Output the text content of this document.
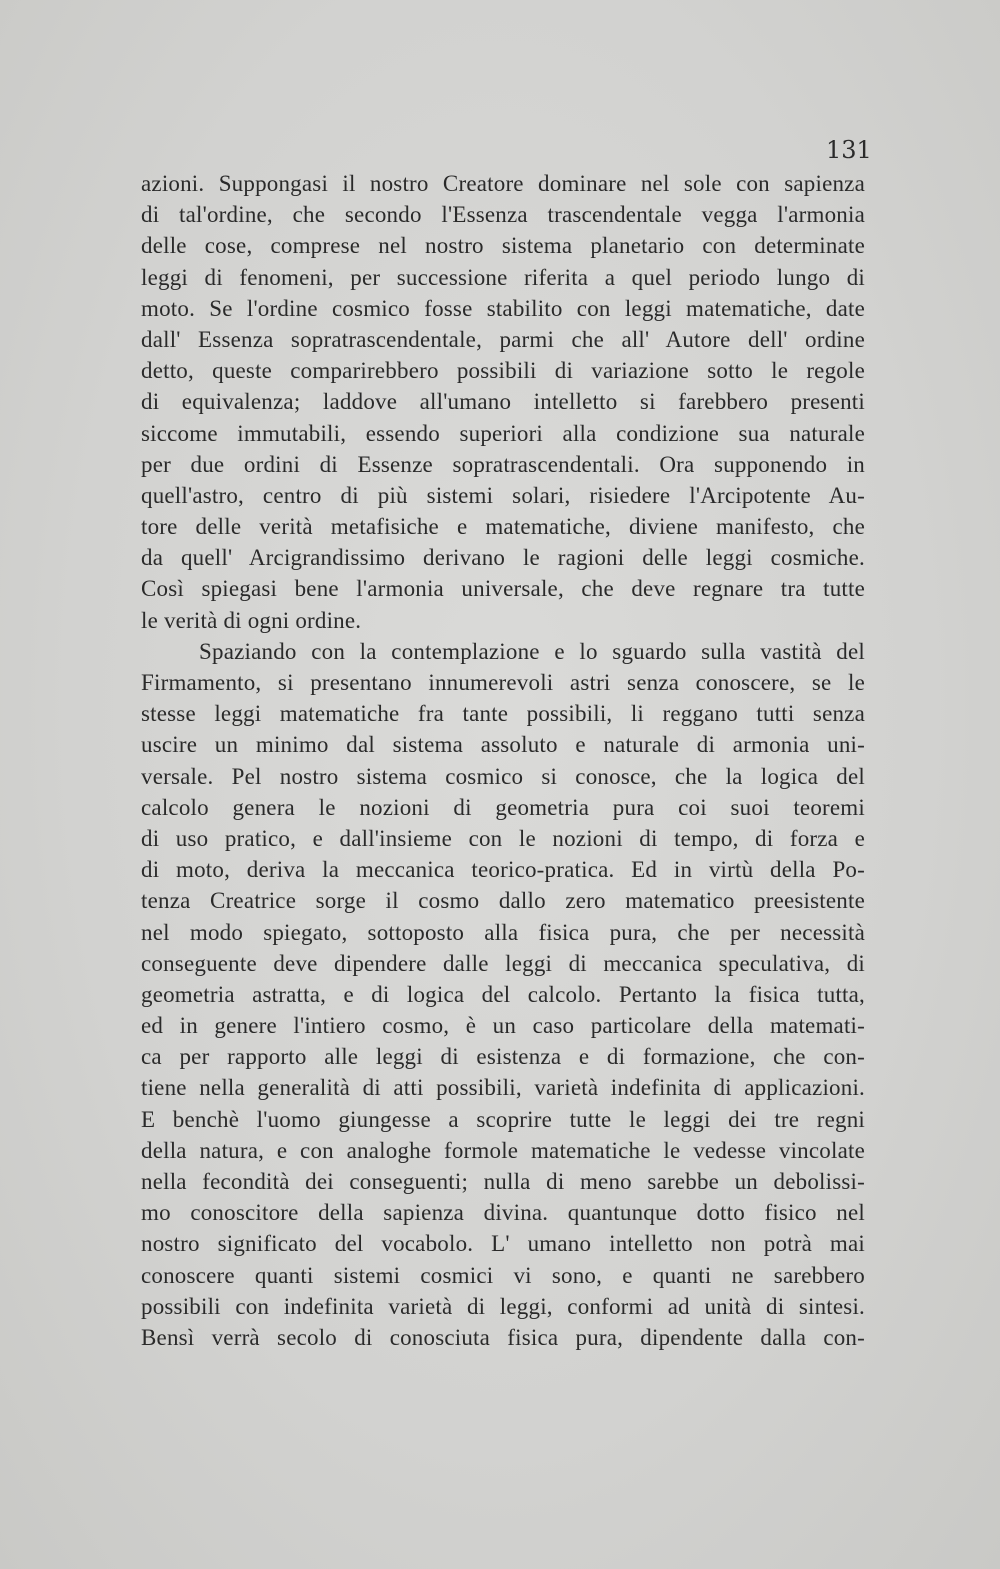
131
azioni. Suppongasi il nostro Creatore dominare nel sole con sapienza
di tal'ordine, che secondo l'Essenza trascendentale vegga l'armonia
delle cose, comprese nel nostro sistema planetario con determinate
leggi di fenomeni, per successione riferita a quel periodo lungo di
moto. Se l'ordine cosmico fosse stabilito con leggi matematiche, date
dall' Essenza sopratrascendentale, parmi che all' Autore dell' ordine
detto, queste comparirebbero possibili di variazione sotto le regole
di equivalenza; laddove all'umano intelletto si farebbero presenti
siccome immutabili, essendo superiori alla condizione sua naturale
per due ordini di Essenze sopratrascendentali. Ora supponendo in
quell'astro, centro di più sistemi solari, risiedere l'Arcipotente Au-
tore delle verità metafisiche e matematiche, diviene manifesto, che
da quell' Arcigrandissimo derivano le ragioni delle leggi cosmiche.
Così spiegasi bene l'armonia universale, che deve regnare tra tutte
le verità di ogni ordine.
Spaziando con la contemplazione e lo sguardo sulla vastità del
Firmamento, si presentano innumerevoli astri senza conoscere, se le
stesse leggi matematiche fra tante possibili, li reggano tutti senza
uscire un minimo dal sistema assoluto e naturale di armonia uni-
versale. Pel nostro sistema cosmico si conosce, che la logica del
calcolo genera le nozioni di geometria pura coi suoi teoremi
di uso pratico, e dall'insieme con le nozioni di tempo, di forza e
di moto, deriva la meccanica teorico-pratica. Ed in virtù della Po-
tenza Creatrice sorge il cosmo dallo zero matematico preesistente
nel modo spiegato, sottoposto alla fisica pura, che per necessità
conseguente deve dipendere dalle leggi di meccanica speculativa, di
geometria astratta, e di logica del calcolo. Pertanto la fisica tutta,
ed in genere l'intiero cosmo, è un caso particolare della matemati-
ca per rapporto alle leggi di esistenza e di formazione, che con-
tiene nella generalità di atti possibili, varietà indefinita di applicazioni.
E benchè l'uomo giungesse a scoprire tutte le leggi dei tre regni
della natura, e con analoghe formole matematiche le vedesse vincolate
nella fecondità dei conseguenti; nulla di meno sarebbe un debolissi-
mo conoscitore della sapienza divina. quantunque dotto fisico nel
nostro significato del vocabolo. L' umano intelletto non potrà mai
conoscere quanti sistemi cosmici vi sono, e quanti ne sarebbero
possibili con indefinita varietà di leggi, conformi ad unità di sintesi.
Bensì verrà secolo di conosciuta fisica pura, dipendente dalla con-
